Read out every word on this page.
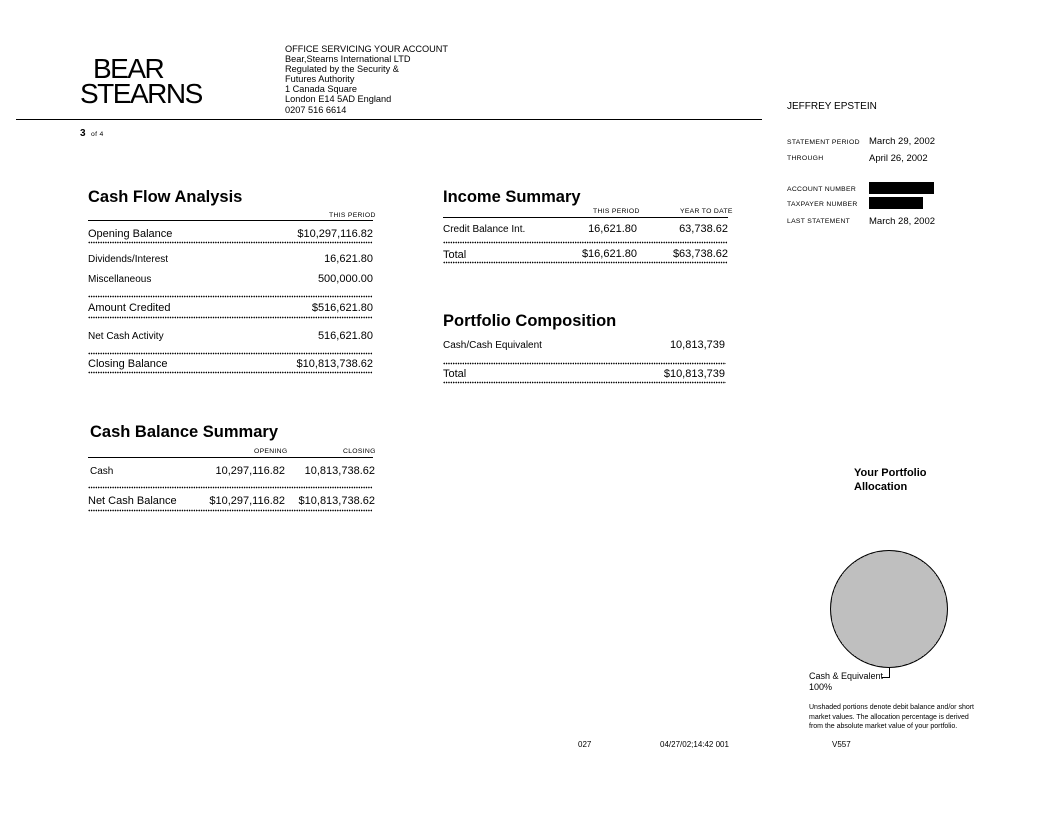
BEAR
STEARNS
OFFICE SERVICING YOUR ACCOUNT
Bear,Stearns International LTD
Regulated by the Security &
Futures Authority
1 Canada Square
London E14 5AD England
0207 516 6614	JEFFREY EPSTEIN
3 of 4
STATEMENT PERIOD March 29, 2002
THROUGH	April 26, 2002
ACCOUNT NUMBER
TAXPAYER NUMBER
LAST STATEMENT March 28, 2002
Cash Flow Analysis
THIS PERIOD
Opening Balance	$10,297,116.82
Dividends/Interest	16,621.80
Miscellaneous	500,000.00
Amount Credited	$516,621.80
Net Cash Activity	516,621.80
Closing Balance	$10,813,738.62
Income Summary
THIS PERIOD	YEAR TO DATE
Credit Balance Int.	16,621.80	63,738.62
Total	$16,621.80	$63,738.62
Portfolio Composition
Cash/Cash Equivalent	10,813,739
Total	$10,813,739
Cash Balance Summary
OPENING	CLOSING
Cash	10,297,116.82	10,813,738.62
Net Cash Balance	$10,297,116.82	$10,813,738.62
Your Portfolio
Allocation
Cash & Equivalent
100%
Unshaded portions denote debit balance and/or short
market values. The allocation percentage is derived
from the absolute market value of your portfolio.
027	04/27/02;14:42 001	V557
